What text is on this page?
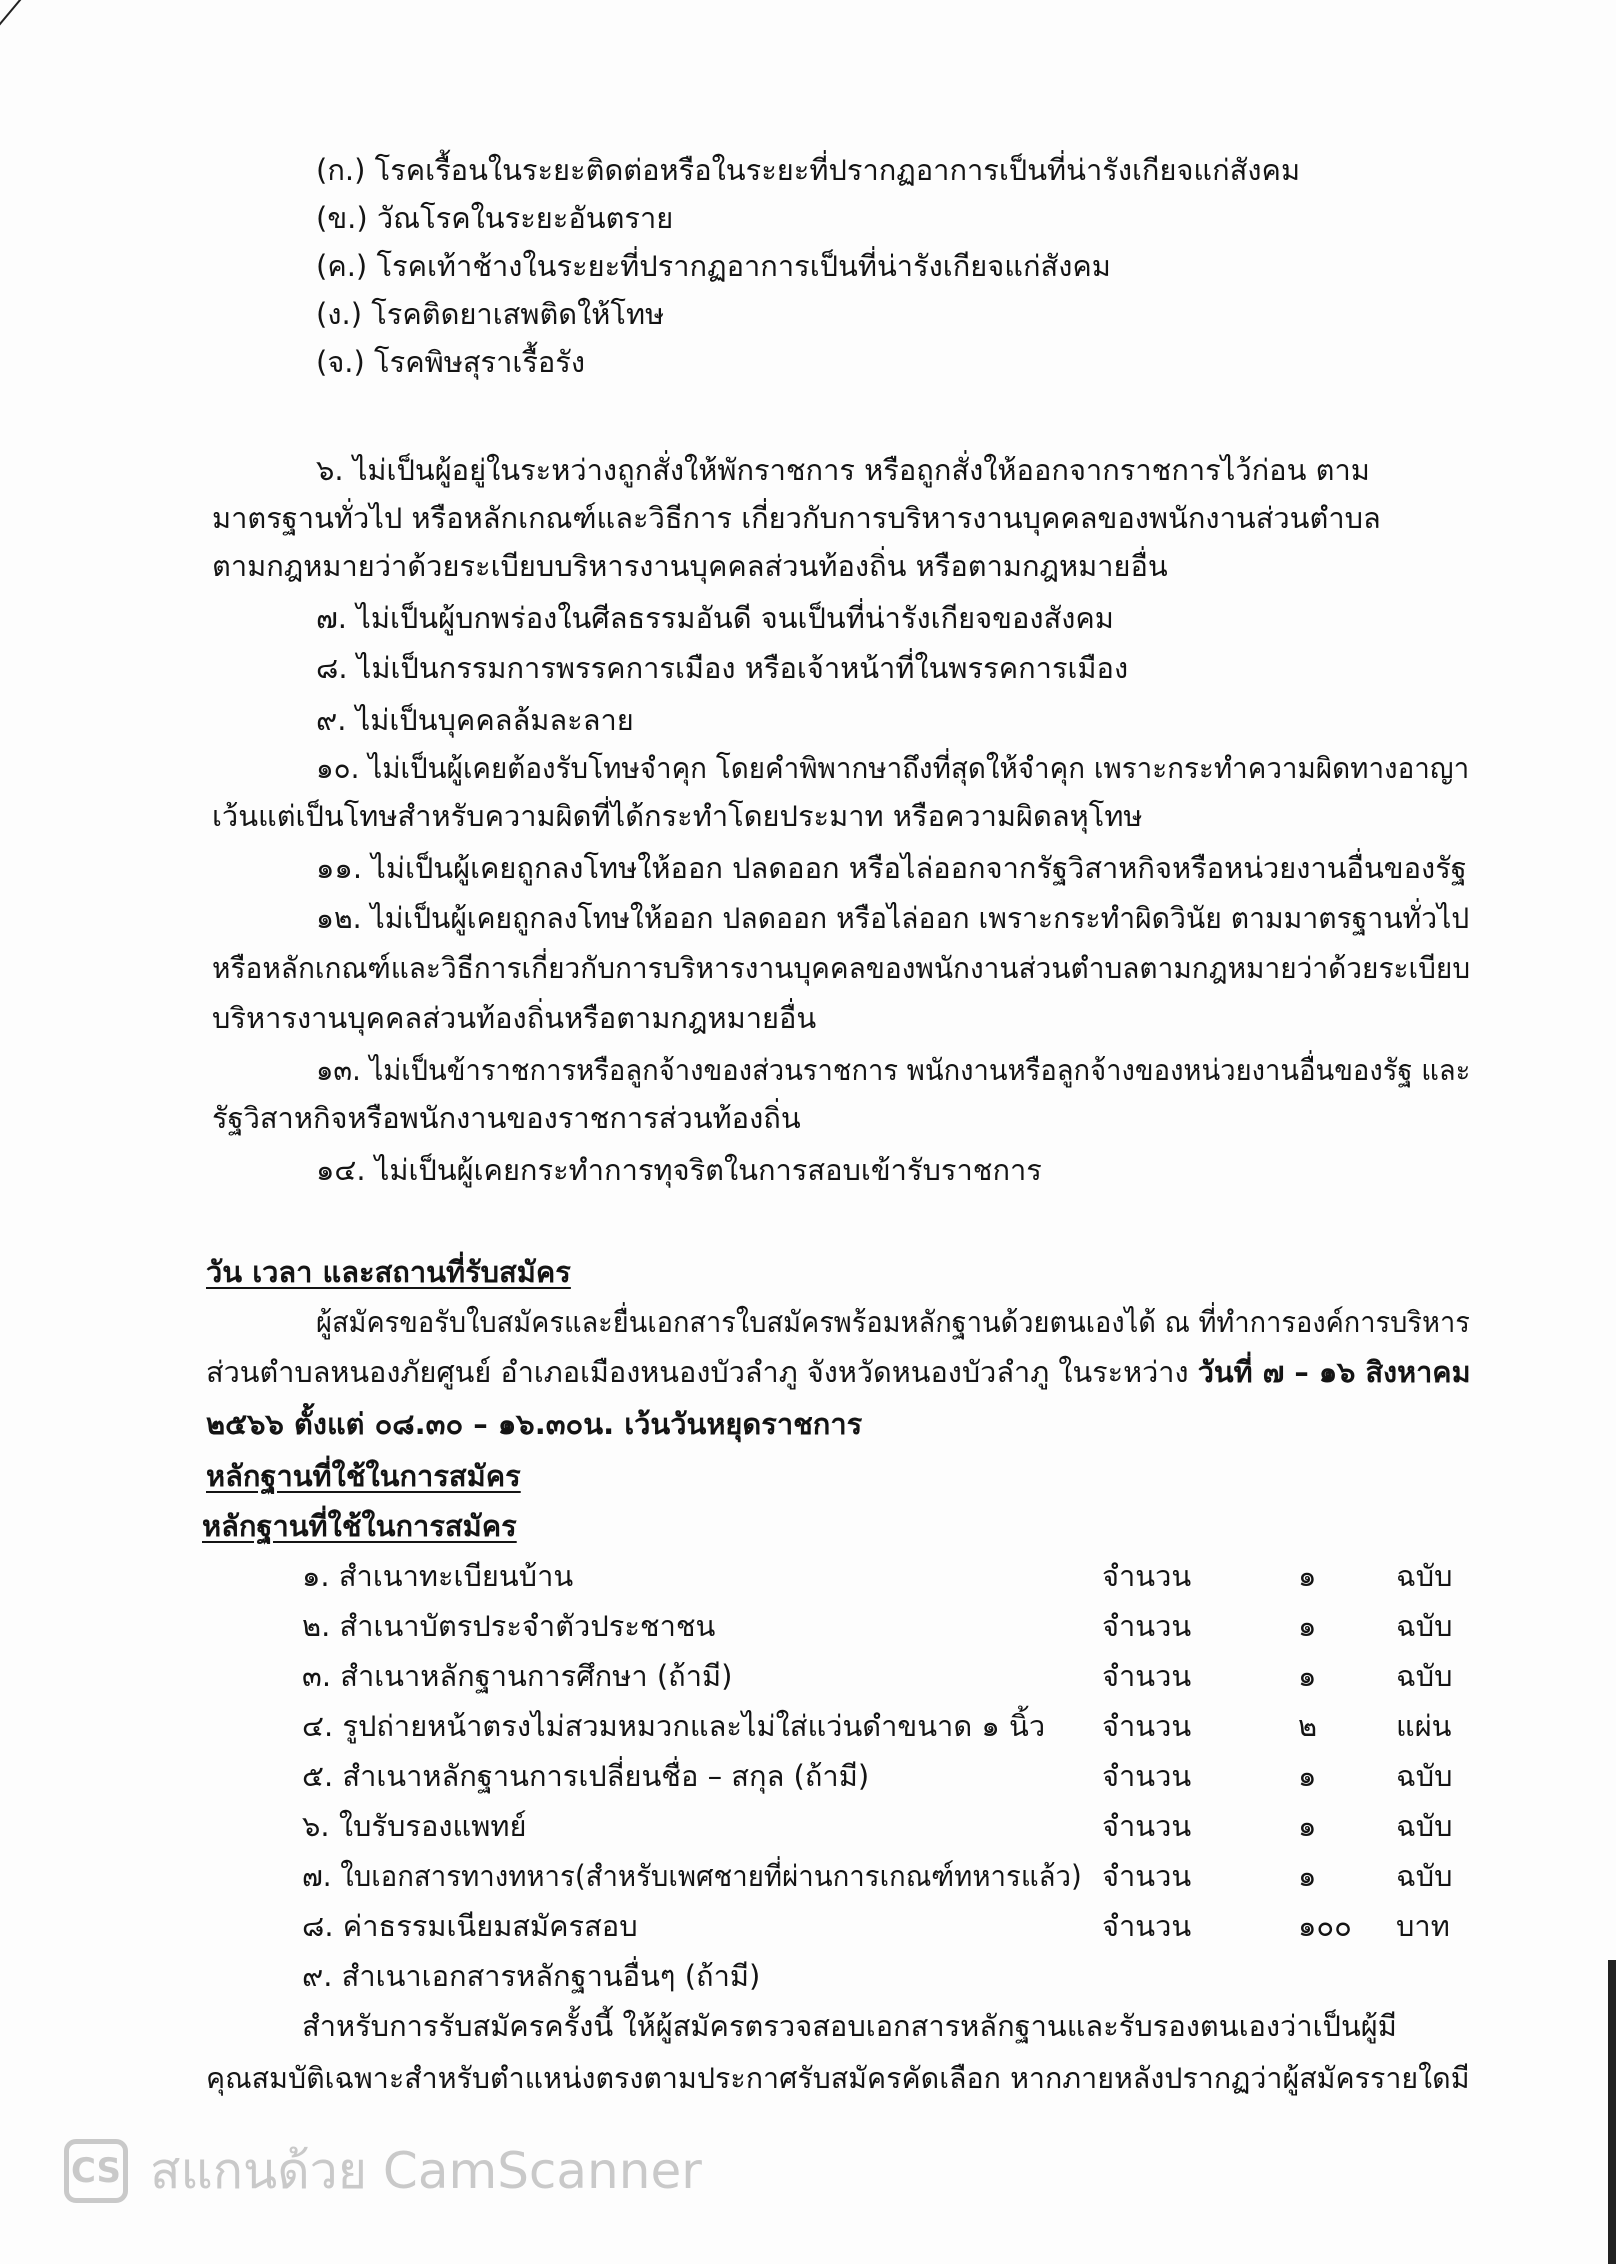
(ก.) โรคเรื้อนในระยะติดต่อหรือในระยะที่ปรากฏอาการเป็นที่น่ารังเกียจแก่สังคม
(ข.) วัณโรคในระยะอันตราย
(ค.) โรคเท้าช้างในระยะที่ปรากฏอาการเป็นที่น่ารังเกียจแก่สังคม
(ง.) โรคติดยาเสพติดให้โทษ
(จ.) โรคพิษสุราเรื้อรัง
๖. ไม่เป็นผู้อยู่ในระหว่างถูกสั่งให้พักราชการ หรือถูกสั่งให้ออกจากราชการไว้ก่อน ตาม
มาตรฐานทั่วไป หรือหลักเกณฑ์และวิธีการ เกี่ยวกับการบริหารงานบุคคลของพนักงานส่วนตำบล
ตามกฎหมายว่าด้วยระเบียบบริหารงานบุคคลส่วนท้องถิ่น หรือตามกฎหมายอื่น
๗. ไม่เป็นผู้บกพร่องในศีลธรรมอันดี จนเป็นที่น่ารังเกียจของสังคม
๘. ไม่เป็นกรรมการพรรคการเมือง หรือเจ้าหน้าที่ในพรรคการเมือง
๙. ไม่เป็นบุคคลล้มละลาย
๑๐. ไม่เป็นผู้เคยต้องรับโทษจำคุก โดยคำพิพากษาถึงที่สุดให้จำคุก เพราะกระทำความผิดทางอาญา
เว้นแต่เป็นโทษสำหรับความผิดที่ได้กระทำโดยประมาท หรือความผิดลหุโทษ
๑๑. ไม่เป็นผู้เคยถูกลงโทษให้ออก ปลดออก หรือไล่ออกจากรัฐวิสาหกิจหรือหน่วยงานอื่นของรัฐ
๑๒. ไม่เป็นผู้เคยถูกลงโทษให้ออก ปลดออก หรือไล่ออก เพราะกระทำผิดวินัย ตามมาตรฐานทั่วไป
หรือหลักเกณฑ์และวิธีการเกี่ยวกับการบริหารงานบุคคลของพนักงานส่วนตำบลตามกฎหมายว่าด้วยระเบียบ
บริหารงานบุคคลส่วนท้องถิ่นหรือตามกฎหมายอื่น
๑๓. ไม่เป็นข้าราชการหรือลูกจ้างของส่วนราชการ พนักงานหรือลูกจ้างของหน่วยงานอื่นของรัฐ และ
รัฐวิสาหกิจหรือพนักงานของราชการส่วนท้องถิ่น
๑๔. ไม่เป็นผู้เคยกระทำการทุจริตในการสอบเข้ารับราชการ
วัน เวลา และสถานที่รับสมัคร
ผู้สมัครขอรับใบสมัครและยื่นเอกสารใบสมัครพร้อมหลักฐานด้วยตนเองได้ ณ ที่ทำการองค์การบริหาร
ส่วนตำบลหนองภัยศูนย์ อำเภอเมืองหนองบัวลำภู จังหวัดหนองบัวลำภู ในระหว่าง วันที่ ๗ – ๑๖ สิงหาคม
๒๕๖๖ ตั้งแต่ ๐๘.๓๐ – ๑๖.๓๐น. เว้นวันหยุดราชการ
หลักฐานที่ใช้ในการสมัคร
หลักฐานที่ใช้ในการสมัคร
๑. สำเนาทะเบียนบ้าน	จำนวน	๑	ฉบับ
๒. สำเนาบัตรประจำตัวประชาชน	จำนวน	๑	ฉบับ
๓. สำเนาหลักฐานการศึกษา (ถ้ามี)	จำนวน	๑	ฉบับ
๔. รูปถ่ายหน้าตรงไม่สวมหมวกและไม่ใส่แว่นดำขนาด ๑ นิ้ว จำนวน	๒	แผ่น
๕. สำเนาหลักฐานการเปลี่ยนชื่อ – สกุล (ถ้ามี)	จำนวน	๑	ฉบับ
๖. ใบรับรองแพทย์	จำนวน	๑	ฉบับ
๗. ใบเอกสารทางทหาร(สำหรับเพศชายที่ผ่านการเกณฑ์ทหารแล้ว) จำนวน	๑	ฉบับ
๘. ค่าธรรมเนียมสมัครสอบ	จำนวน	๑๐๐ บาท
๙. สำเนาเอกสารหลักฐานอื่นๆ (ถ้ามี)
สำหรับการรับสมัครครั้งนี้ ให้ผู้สมัครตรวจสอบเอกสารหลักฐานและรับรองตนเองว่าเป็นผู้มี
คุณสมบัติเฉพาะสำหรับตำแหน่งตรงตามประกาศรับสมัครคัดเลือก หากภายหลังปรากฏว่าผู้สมัครรายใดมี
CS สแกนด้วย CamScanner
